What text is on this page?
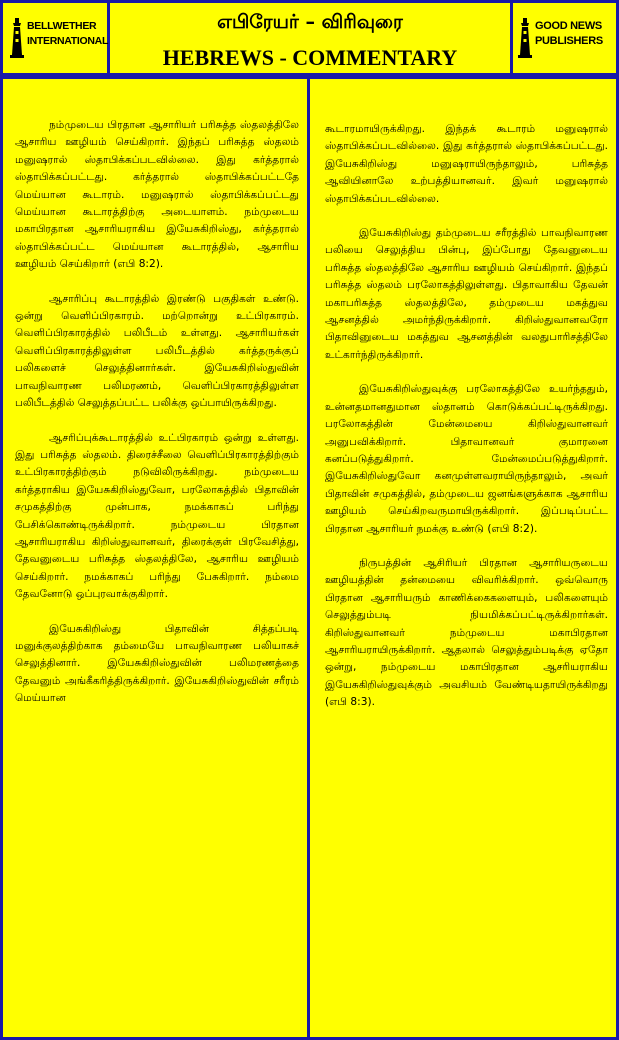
BELLWETHER
INTERNATIONAL
எபிரேயர் – விரிவுரை
HEBREWS - COMMENTARY
GOOD NEWS
PUBLISHERS

நம்முடைய பிரதான ஆசாரியர் பரிசுத்த ஸ்தலத்திலே ஆசாரிய ஊழியம் செய்கிறார். இந்தப் பரிசுத்த ஸ்தலம் மனுஷரால் ஸ்தாபிக்கப்படவில்லை. இது கர்த்தரால் ஸ்தாபிக்கப்பட்டது. கர்த்தரால் ஸ்தாபிக்கப்பட்டதே மெய்யான கூடாரம். மனுஷரால் ஸ்தாபிக்கப்பட்டது மெய்யான கூடாரத்திற்கு அடையாளம். நம்முடைய மகாபிரதான ஆசாரியராகிய இயேசுகிறிஸ்து, கர்த்தரால் ஸ்தாபிக்கப்பட்ட மெய்யான கூடாரத்தில், ஆசாரிய ஊழியம் செய்கிறார் (எபி 8:2).

ஆசாரிப்பு கூடாரத்தில் இரண்டு பகுதிகள் உண்டு. ஒன்று வெளிப்பிரகாரம். மற்றொன்று உட்பிரகாரம். வெளிப்பிரகாரத்தில் பலிபீடம் உள்ளது. ஆசாரியர்கள் வெளிப்பிரகாரத்திலுள்ள பலிபீடத்தில் கர்த்தருக்குப் பலிகளைச் செலுத்தினார்கள். இயேசுகிறிஸ்துவின் பாவநிவாரண பலிமரணம், வெளிப்பிரகாரத்திலுள்ள பலிபீடத்தில் செலுத்தப்பட்ட பலிக்கு ஒப்பாயிருக்கிறது.

ஆசரிப்புக்கூடாரத்தில் உட்பிரகாரம் ஒன்று உள்ளது. இது பரிசுத்த ஸ்தலம். திரைச்சீலை வெளிப்பிரகாரத்திற்கும் உட்பிரகாரத்திற்கும் நடுவிலிருக்கிறது. நம்முடைய கர்த்தராகிய இயேசுகிறிஸ்துவோ, பரலோகத்தில் பிதாவின் சமுகத்திற்கு முன்பாக, நமக்காகப் பரிந்து பேசிக்கொண்டிருக்கிறார். நம்முடைய பிரதான ஆசாரியராகிய கிறிஸ்துவானவர், திரைக்குள் பிரவேசித்து, தேவனுடைய பரிசுத்த ஸ்தலத்திலே, ஆசாரிய ஊழியம் செய்கிறார். நமக்காகப் பரிந்து பேசுகிறார். நம்மை தேவனோடு ஒப்புரவாக்குகிறார்.

இயேசுகிறிஸ்து பிதாவின் சித்தப்படி மனுக்குலத்திற்காக தம்மையே பாவநிவாரண பலியாகச் செலுத்தினார். இயேசுகிறிஸ்துவின் பலிமரணத்தை தேவனும் அங்கீகரித்திருக்கிறார். இயேசுகிறிஸ்துவின் சரீரம் மெய்யான

கூடாரமாயிருக்கிறது. இந்தக் கூடாரம் மனுஷரால் ஸ்தாபிக்கப்படவில்லை. இது கர்த்தரால் ஸ்தாபிக்கப்பட்டது. இயேசுகிறிஸ்து மனுஷராயிருந்தாலும், பரிசுத்த ஆவியினாலே உற்பத்தியானவர். இவர் மனுஷரால் ஸ்தாபிக்கப்படவில்லை.

இயேசுகிறிஸ்து தம்முடைய சரீரத்தில் பாவநிவாரண பலியை செலுத்திய பின்பு, இப்போது தேவனுடைய பரிசுத்த ஸ்தலத்திலே ஆசாரிய ஊழியம் செய்கிறார். இந்தப் பரிசுத்த ஸ்தலம் பரலோகத்திலுள்ளது. பிதாவாகிய தேவன் மகாபரிசுத்த ஸ்தலத்திலே, தம்முடைய மகத்துவ ஆசனத்தில் அமர்ந்திருக்கிறார். கிறிஸ்துவானவரோ பிதாவினுடைய மகத்துவ ஆசனத்தின் வலதுபாரிசத்திலே உட்கார்ந்திருக்கிறார்.

இயேசுகிறிஸ்துவுக்கு பரலோகத்திலே உயர்ந்ததும், உன்னதமானதுமான ஸ்தானம் கொடுக்கப்பட்டிருக்கிறது. பரலோகத்தின் மேன்மையை கிறிஸ்துவானவர் அனுபவிக்கிறார். பிதாவானவர் குமாரனை கனப்படுத்துகிறார். மேன்மைப்படுத்துகிறார். இயேசுகிறிஸ்துவோ கனமுள்ளவராயிருந்தாலும், அவர் பிதாவின் சமுகத்தில், தம்முடைய ஜனங்களுக்காக ஆசாரிய ஊழியம் செய்கிறவருமாயிருக்கிறார். இப்படிப்பட்ட பிரதான ஆசாரியர் நமக்கு உண்டு (எபி 8:2).

நிருபத்தின் ஆசிரியர் பிரதான ஆசாரியருடைய ஊழியத்தின் தன்மையை விவரிக்கிறார். ஒவ்வொரு பிரதான ஆசாரியரும் காணிக்கைகளையும், பலிகளையும் செலுத்தும்படி நியமிக்கப்பட்டிருக்கிறார்கள். கிறிஸ்துவானவர் நம்முடைய மகாபிரதான ஆசாரியராயிருக்கிறார். ஆதலால் செலுத்தும்படிக்கு ஏதோ ஒன்று, நம்முடைய மகாபிரதான ஆசரியராகிய இயேசுகிறிஸ்துவுக்கும் அவசியம் வேண்டியதாயிருக்கிறது (எபி 8:3).
